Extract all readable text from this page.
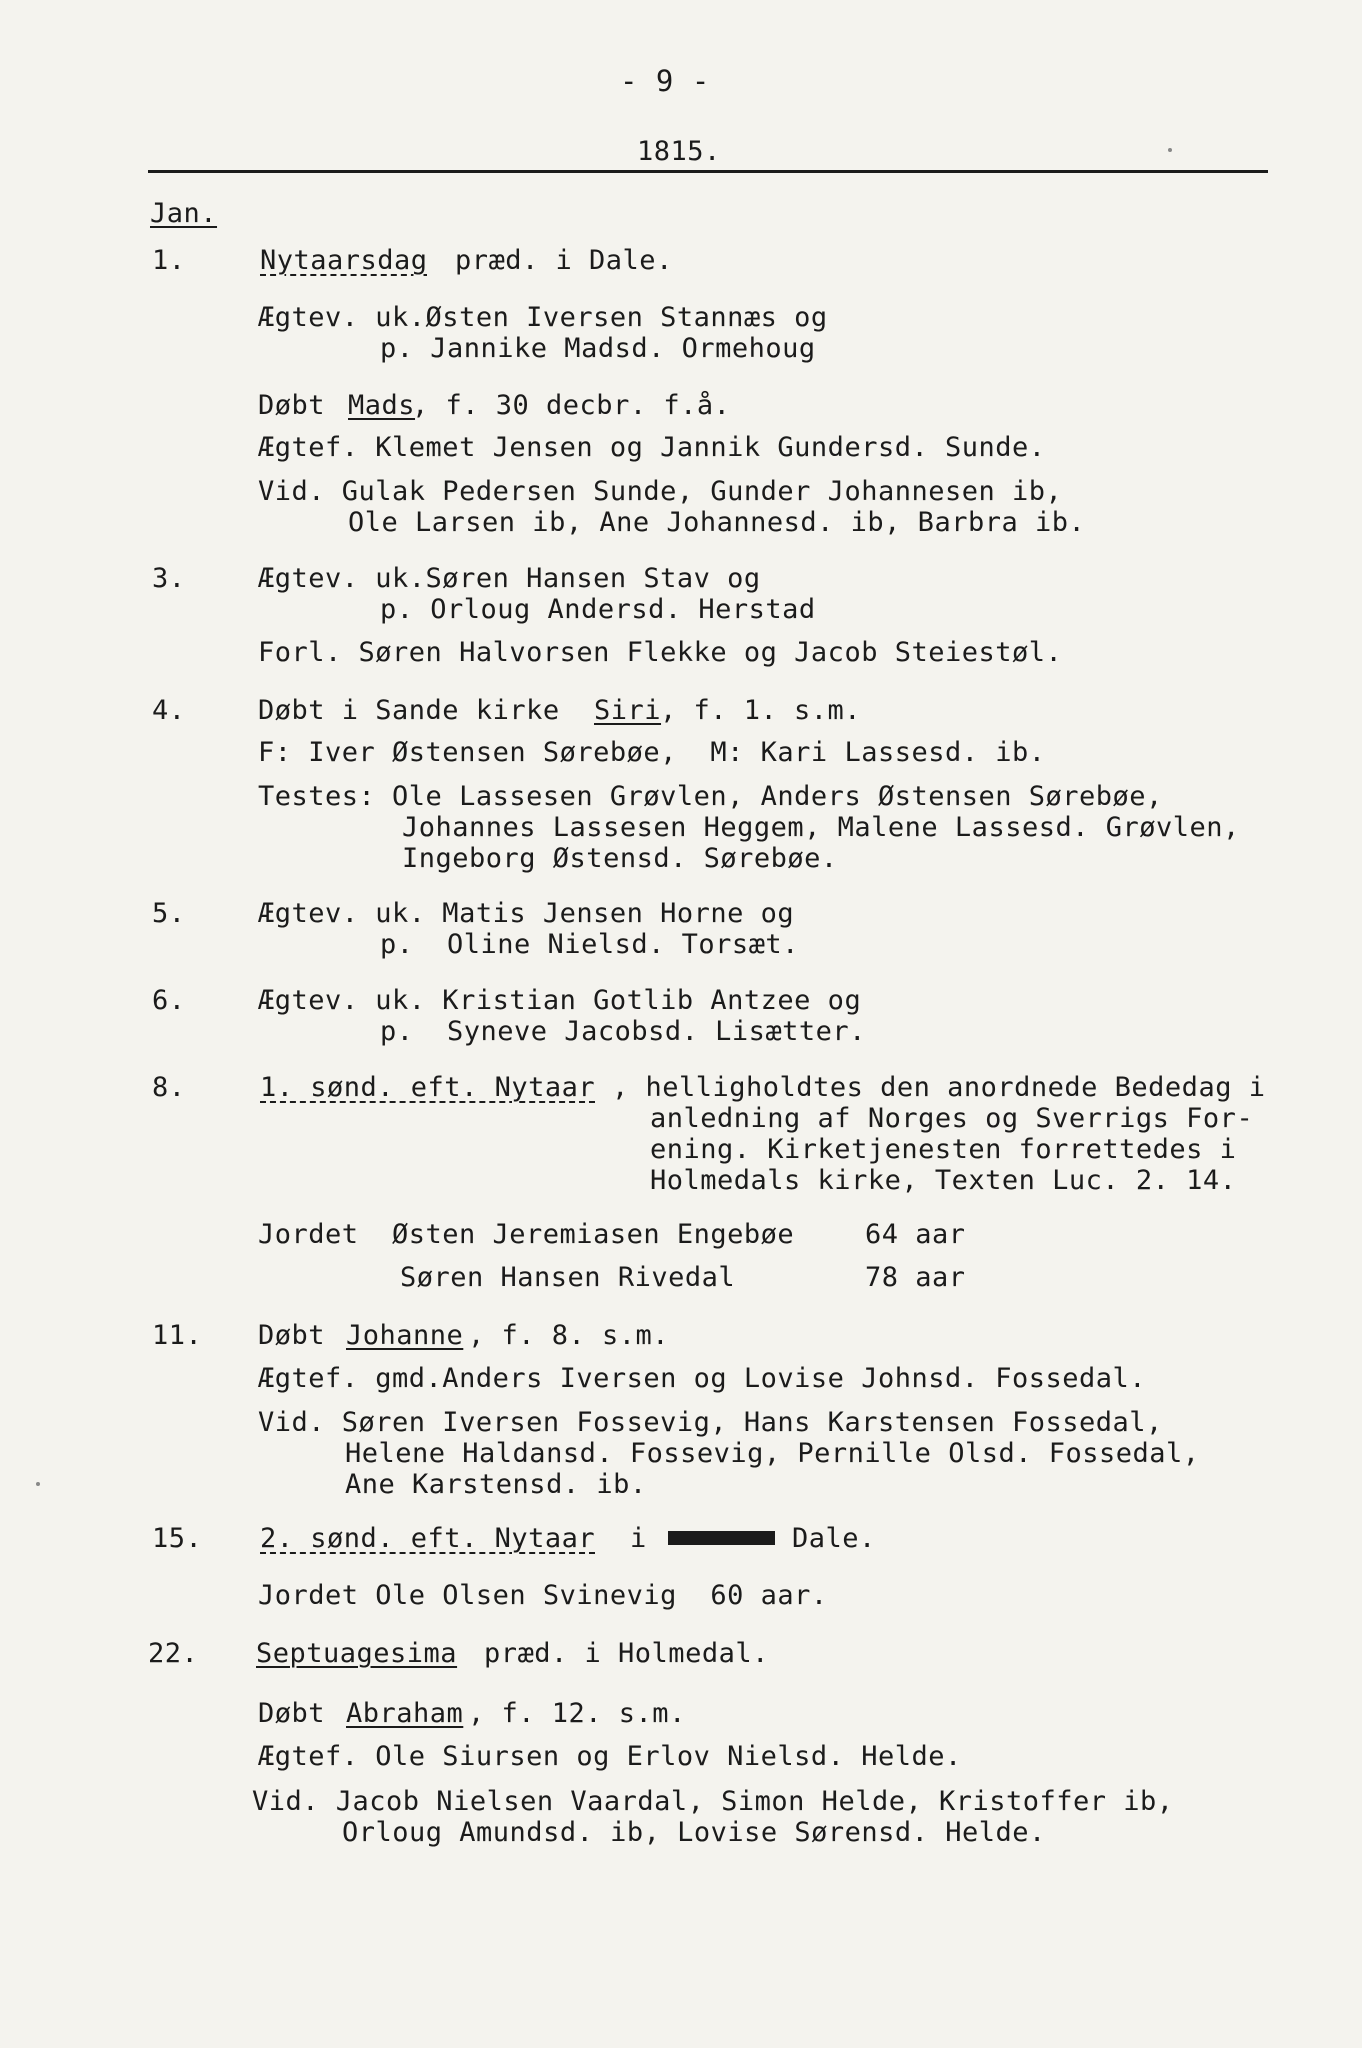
- 9 -
1815.
Jan.
1.	Nytaarsdag præd. i Dale.
Ægtev. uk.Østen Iversen Stannæs og
p. Jannike Madsd. Ormehoug
Døbt Mads
, f. 30 decbr. f.å.
Ægtef. Klemet Jensen og Jannik Gundersd. Sunde.
Vid. Gulak Pedersen Sunde, Gunder Johannesen ib,
Ole Larsen ib, Ane Johannesd. ib, Barbra ib.
3.	Ægtev. uk.Søren Hansen Stav og
p. Orloug Andersd. Herstad
Forl. Søren Halvorsen Flekke og Jacob Steiestøl.
4.	Døbt i Sande kirke Siri
, f. 1. s.m.
F: Iver Østensen Sørebøe,  M: Kari Lassesd. ib.
Testes: Ole Lassesen Grøvlen, Anders Østensen Sørebøe,
Johannes Lassesen Heggem, Malene Lassesd. Grøvlen,
Ingeborg Østensd. Sørebøe.
5.	Ægtev. uk. Matis Jensen Horne og
p.  Oline Nielsd. Torsæt.
6.	Ægtev. uk. Kristian Gotlib Antzee og
p.  Syneve Jacobsd. Lisætter.
8.	1. sønd. eft. Nytaar , helligholdtes den anordnede Bededag i
anledning af Norges og Sverrigs For-
ening. Kirketjenesten forrettedes i
Holmedals kirke, Texten Luc. 2. 14.
Jordet Østen Jeremiasen Engebøe	64 aar
Søren Hansen Rivedal	78 aar
11. Døbt Johanne , f. 8. s.m.
Ægtef. gmd.Anders Iversen og Lovise Johnsd. Fossedal.
Vid. Søren Iversen Fossevig, Hans Karstensen Fossedal,
Helene Haldansd. Fossevig, Pernille Olsd. Fossedal,
Ane Karstensd. ib.
15. 2. sønd. eft. Nytaar i	Dale.
Jordet Ole Olsen Svinevig  60 aar.
22. Septuagesima præd. i Holmedal.
Døbt Abraham , f. 12. s.m.
Ægtef. Ole Siursen og Erlov Nielsd. Helde.
Vid. Jacob Nielsen Vaardal, Simon Helde, Kristoffer ib,
Orloug Amundsd. ib, Lovise Sørensd. Helde.
